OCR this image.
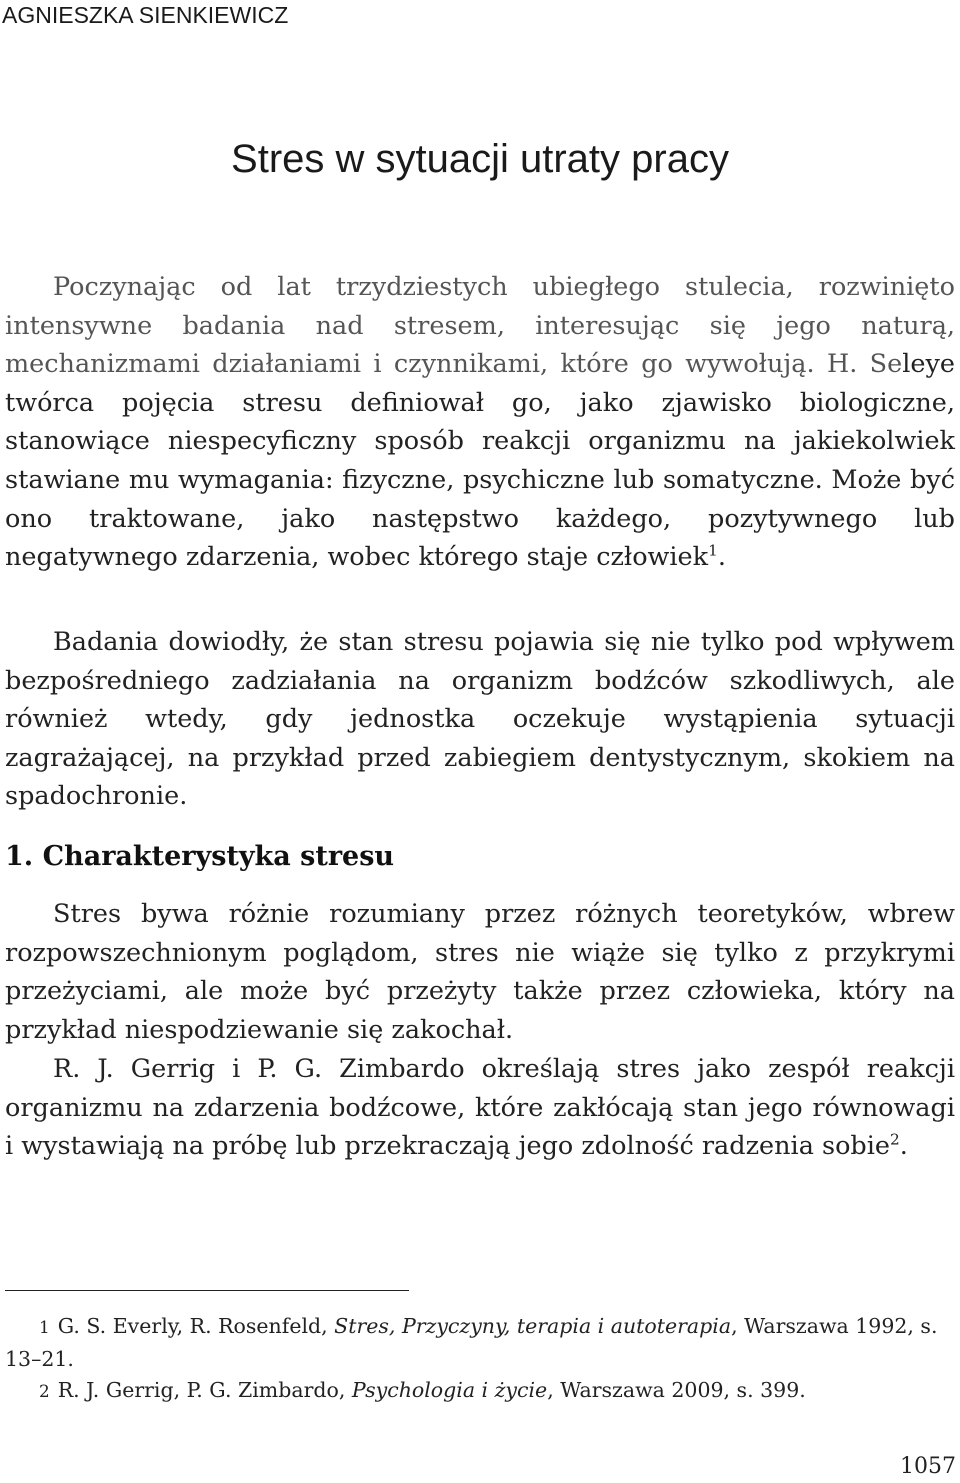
AGNIESZKA SIENKIEWICZ
Stres w sytuacji utraty pracy

Poczynając od lat trzydziestych ubiegłego stulecia, rozwinięto intensywne badania nad stresem, interesując się jego naturą, mechanizmami działaniami i czynnikami, które go wywołują. H. Seleye twórca pojęcia stresu definiował go, jako zjawisko biologiczne, stanowiące niespecyficzny sposób reakcji organizmu na jakiekolwiek stawiane mu wymagania: fizyczne, psychiczne lub somatyczne. Może być ono traktowane, jako następstwo każdego, pozytywnego lub negatywnego zdarzenia, wobec którego staje człowiek$^1$.

Badania dowiodły, że stan stresu pojawia się nie tylko pod wpływem bezpośredniego zadziałania na organizm bodźców szkodliwych, ale również wtedy, gdy jednostka oczekuje wystąpienia sytuacji zagrażającej, na przykład przed zabiegiem dentystycznym, skokiem na spadochronie.

1. Charakterystyka stresu

Stres bywa różnie rozumiany przez różnych teoretyków, wbrew rozpowszechnionym poglądom, stres nie wiąże się tylko z przykrymi przeżyciami, ale może być przeżyty także przez człowieka, który na przykład niespodziewanie się zakochał.

R. J. Gerrig i P. G. Zimbardo określają stres jako zespół reakcji organizmu na zdarzenia bodźcowe, które zakłócają stan jego równowagi i wystawiają na próbę lub przekraczają jego zdolność radzenia sobie$^2$.

1 G. S. Everly, R. Rosenfeld, Stres, Przyczyny, terapia i autoterapia, Warszawa 1992, s. 13–21.
2 R. J. Gerrig, P. G. Zimbardo, Psychologia i życie, Warszawa 2009, s. 399.
1057
